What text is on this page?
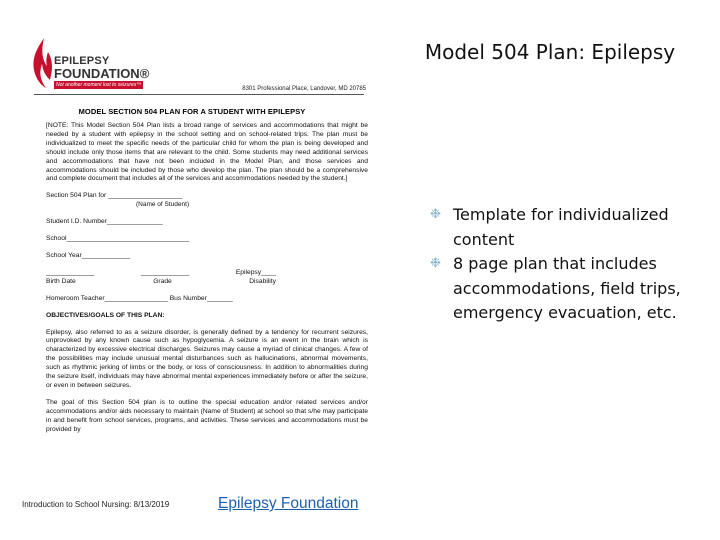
Model 504 Plan: Epilepsy
EPILEPSY
FOUNDATION®
Not another moment lost to seizures™
8301 Professional Place, Landover, MD 20785
MODEL SECTION 504 PLAN FOR A STUDENT WITH EPILEPSY

[NOTE: This Model Section 504 Plan lists a broad range of services and accommodations that might be needed by a student with epilepsy in the school setting and on school-related trips. The plan must be individualized to meet the specific needs of the particular child for whom the plan is being developed and should include only those items that are relevant to the child. Some students may need additional services and accommodations that have not been included in the Model Plan, and those services and accommodations should be included by those who develop the plan. The plan should be a comprehensive and complete document that includes all of the services and accommodations needed by the student.]

Section 504 Plan for ____________________

(Name of Student)

Student I.D. Number_______________

School_________________________________

School Year_____________

_____________	_____________	Epilepsy____
Birth Date	Grade	Disability

Homeroom Teacher_________________ Bus Number_______

OBJECTIVES/GOALS OF THIS PLAN:

Epilepsy, also referred to as a seizure disorder, is generally defined by a tendency for recurrent seizures, unprovoked by any known cause such as hypoglycemia. A seizure is an event in the brain which is characterized by excessive electrical discharges. Seizures may cause a myriad of clinical changes. A few of the possibilities may include unusual mental disturbances such as hallucinations, abnormal movements, such as rhythmic jerking of limbs or the body, or loss of consciousness. In addition to abnormalities during the seizure itself, individuals may have abnormal mental experiences immediately before or after the seizure, or even in between seizures.

The goal of this Section 504 plan is to outline the special education and/or related services and/or accommodations and/or aids necessary to maintain (Name of Student) at school so that s/he may participate in and benefit from school services, programs, and activities. These services and accommodations must be provided by

❉ Template for individualized content
❉ 8 page plan that includes accommodations, field trips, emergency evacuation, etc.
Introduction to School Nursing: 8/13/2019	Epilepsy Foundation
